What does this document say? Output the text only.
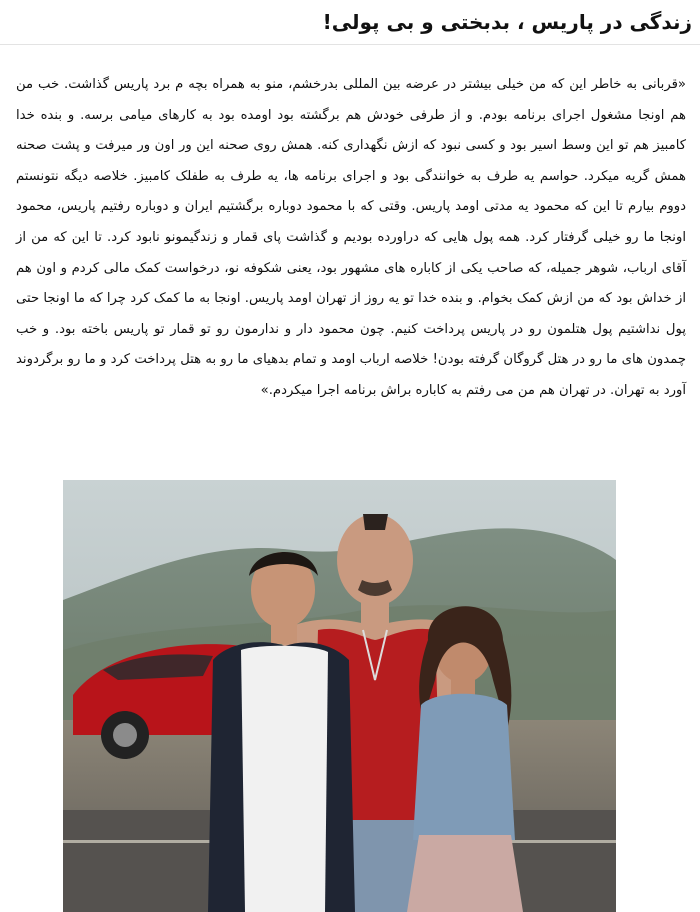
زندگی در پاریس ، بدبختی و بی پولی!

«قربانی به خاطر این که من خیلی بیشتر در عرضه بین المللی بدرخشم، منو به همراه بچه م برد پاریس گذاشت. خب من هم اونجا مشغول اجرای برنامه بودم. و از طرفی خودش هم برگشته بود اومده بود به کارهای میامی برسه. و بنده خدا کامبیز هم تو این وسط اسیر بود و کسی نبود که ازش نگهداری کنه. همش روی صحنه این ور اون ور میرفت و پشت صحنه همش گریه میکرد. حواسم یه طرف به خوانندگی بود و اجرای برنامه ها، یه طرف به طفلک کامبیز. خلاصه دیگه نتونستم دووم بیارم تا این که محمود یه مدتی اومد پاریس. وقتی که با محمود دوباره برگشتیم ایران و دوباره رفتیم پاریس، محمود اونجا ما رو خیلی گرفتار کرد. همه پول هایی که دراورده بودیم و گذاشت پای قمار و زندگیمونو نابود کرد. تا این که من از آقای ارباب، شوهر جمیله، که صاحب یکی از کاباره های مشهور بود، یعنی شکوفه نو، درخواست کمک مالی کردم و اون هم از خداش بود که من ازش کمک بخوام. و بنده خدا تو یه روز از تهران اومد پاریس. اونجا به ما کمک کرد چرا که ما اونجا حتی پول نداشتیم پول هتلمون رو در پاریس پرداخت کنیم. چون محمود دار و ندارمون رو تو قمار تو پاریس باخته بود. و خب چمدون های ما رو در هتل گروگان گرفته بودن! خلاصه ارباب اومد و تمام بدهیای ما رو به هتل پرداخت کرد و ما رو برگردوند آورد به تهران. در تهران هم من می رفتم به کاباره براش برنامه اجرا میکردم.»
